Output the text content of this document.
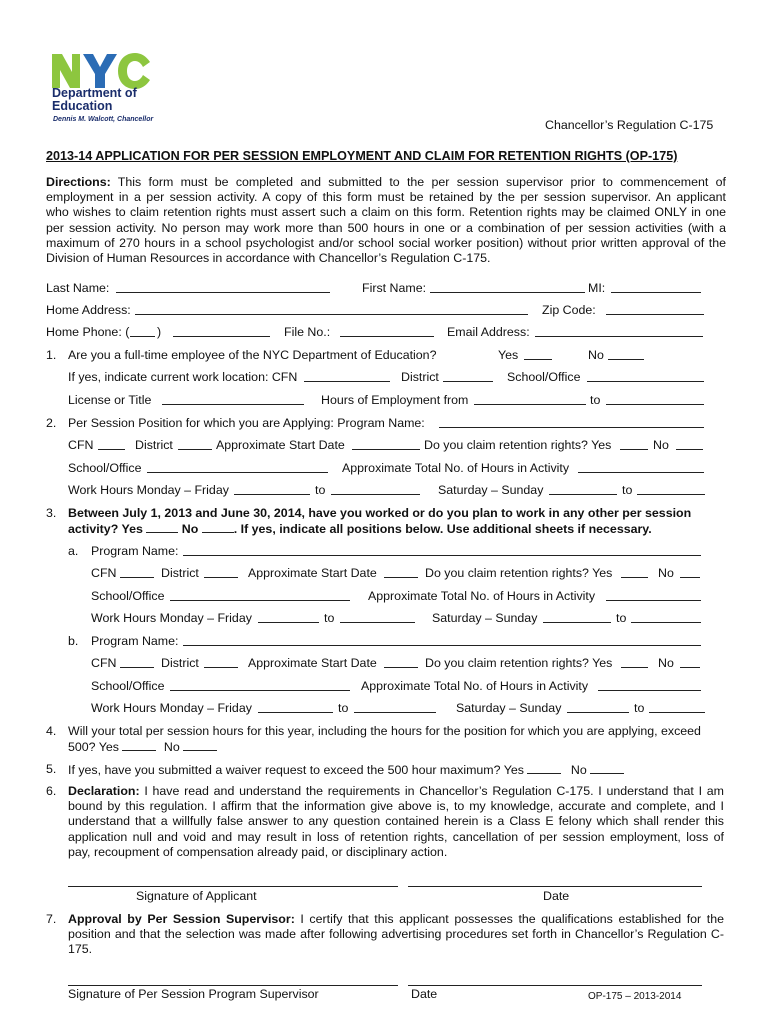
Department of
Education
Dennis M. Walcott, Chancellor	Chancellor’s Regulation C-175
2013-14 APPLICATION FOR PER SESSION EMPLOYMENT AND CLAIM FOR RETENTION RIGHTS (OP-175)
Directions: This form must be completed and submitted to the per session supervisor prior to commencement of
employment in a per session activity. A copy of this form must be retained by the per session supervisor. An applicant
who wishes to claim retention rights must assert such a claim on this form. Retention rights may be claimed ONLY in one
per session activity. No person may work more than 500 hours in one or a combination of per session activities (with a
maximum of 270 hours in a school psychologist and/or school social worker position) without prior written approval of the
Division of Human Resources in accordance with Chancellor’s Regulation C-175.
Last Name:	First Name:	MI:
Home Address:	Zip Code:
Home Phone: ( )	File No.:	Email Address:
1. Are you a full-time employee of the NYC Department of Education?	Yes	No
If yes, indicate current work location: CFN	District	School/Office
License or Title	Hours of Employment from	to
2. Per Session Position for which you are Applying: Program Name:
CFN	District	Approximate Start Date	Do you claim retention rights? Yes	No
School/Office	Approximate Total No. of Hours in Activity
Work Hours Monday – Friday	to	Saturday – Sunday	to
3. Between July 1, 2013 and June 30, 2014, have you worked or do you plan to work in any other per session
activity? Yes	No	. If yes, indicate all positions below. Use additional sheets if necessary.
a. Program Name:
CFN	District	Approximate Start Date	Do you claim retention rights? Yes	No
School/Office	Approximate Total No. of Hours in Activity
Work Hours Monday – Friday	to	Saturday – Sunday	to
b. Program Name:
CFN	District	Approximate Start Date	Do you claim retention rights? Yes	No
School/Office	Approximate Total No. of Hours in Activity
Work Hours Monday – Friday	to	Saturday – Sunday	to
4. Will your total per session hours for this year, including the hours for the position for which you are applying, exceed
500? Yes	No
5. If yes, have you submitted a waiver request to exceed the 500 hour maximum? Yes	No
6. Declaration: I have read and understand the requirements in Chancellor’s Regulation C-175. I understand that I am
bound by this regulation. I affirm that the information give above is, to my knowledge, accurate and complete, and I
understand that a willfully false answer to any question contained herein is a Class E felony which shall render this
application null and void and may result in loss of retention rights, cancellation of per session employment, loss of
pay, recoupment of compensation already paid, or disciplinary action.
Signature of Applicant	Date
7. Approval by Per Session Supervisor: I certify that this applicant possesses the qualifications established for the
position and that the selection was made after following advertising procedures set forth in Chancellor’s Regulation C-
175.
Signature of Per Session Program Supervisor	Date	OP-175 – 2013-2014
